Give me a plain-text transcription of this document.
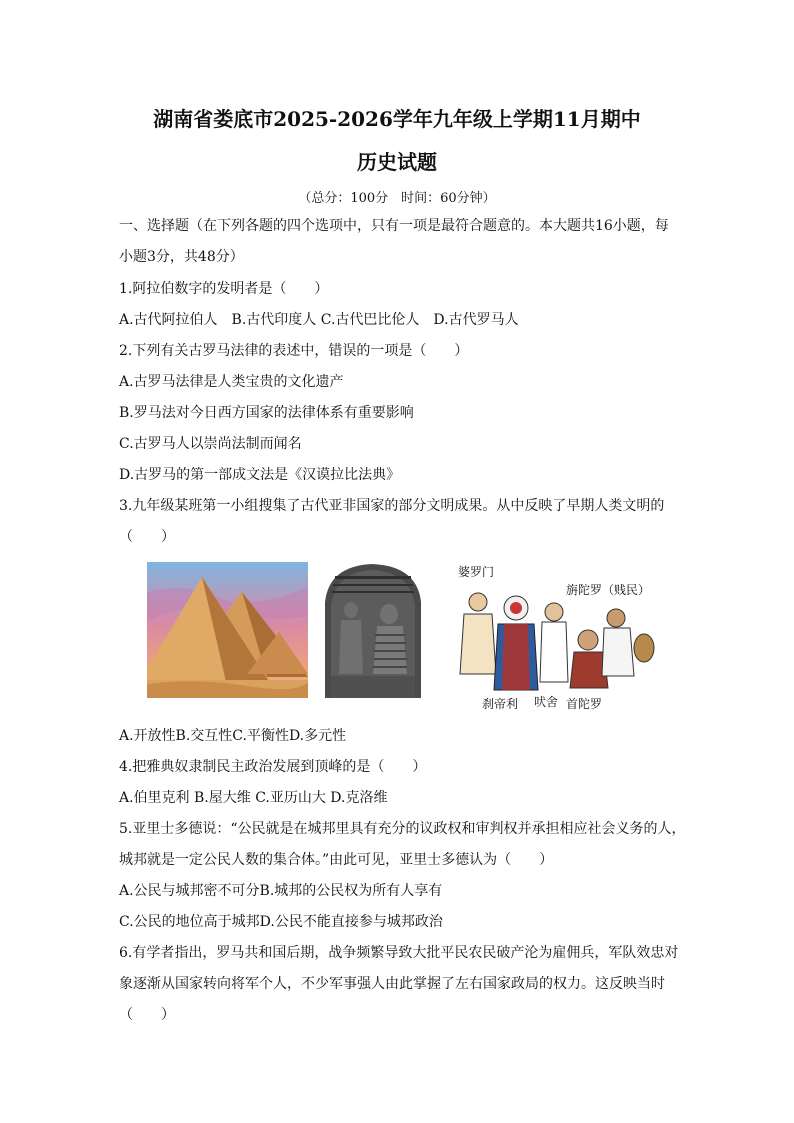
湖南省娄底市2025-2026学年九年级上学期11月期中
历史试题
（总分：100分　时间：60分钟）
一、选择题（在下列各题的四个选项中，只有一项是最符合题意的。本大题共16小题，每
小题3分，共48分）
1.阿拉伯数字的发明者是（　　）
A.古代阿拉伯人　B.古代印度人 C.古代巴比伦人　D.古代罗马人
2.下列有关古罗马法律的表述中，错误的一项是（　　）
A.古罗马法律是人类宝贵的文化遗产
B.罗马法对今日西方国家的法律体系有重要影响
C.古罗马人以崇尚法制而闻名
D.古罗马的第一部成文法是《汉谟拉比法典》
3.九年级某班第一小组搜集了古代亚非国家的部分文明成果。从中反映了早期人类文明的
（　　）
婆罗门
旃陀罗（贱民）
刹帝利 吠舍 首陀罗
A.开放性B.交互性C.平衡性D.多元性
4.把雅典奴隶制民主政治发展到顶峰的是（　　）
A.伯里克利 B.屋大维 C.亚历山大 D.克洛维
5.亚里士多德说：“公民就是在城邦里具有充分的议政权和审判权并承担相应社会义务的人，
城邦就是一定公民人数的集合体。”由此可见，亚里士多德认为（　　）
A.公民与城邦密不可分B.城邦的公民权为所有人享有
C.公民的地位高于城邦D.公民不能直接参与城邦政治
6.有学者指出，罗马共和国后期，战争频繁导致大批平民农民破产沦为雇佣兵，军队效忠对
象逐渐从国家转向将军个人，不少军事强人由此掌握了左右国家政局的权力。这反映当时
（　　）
